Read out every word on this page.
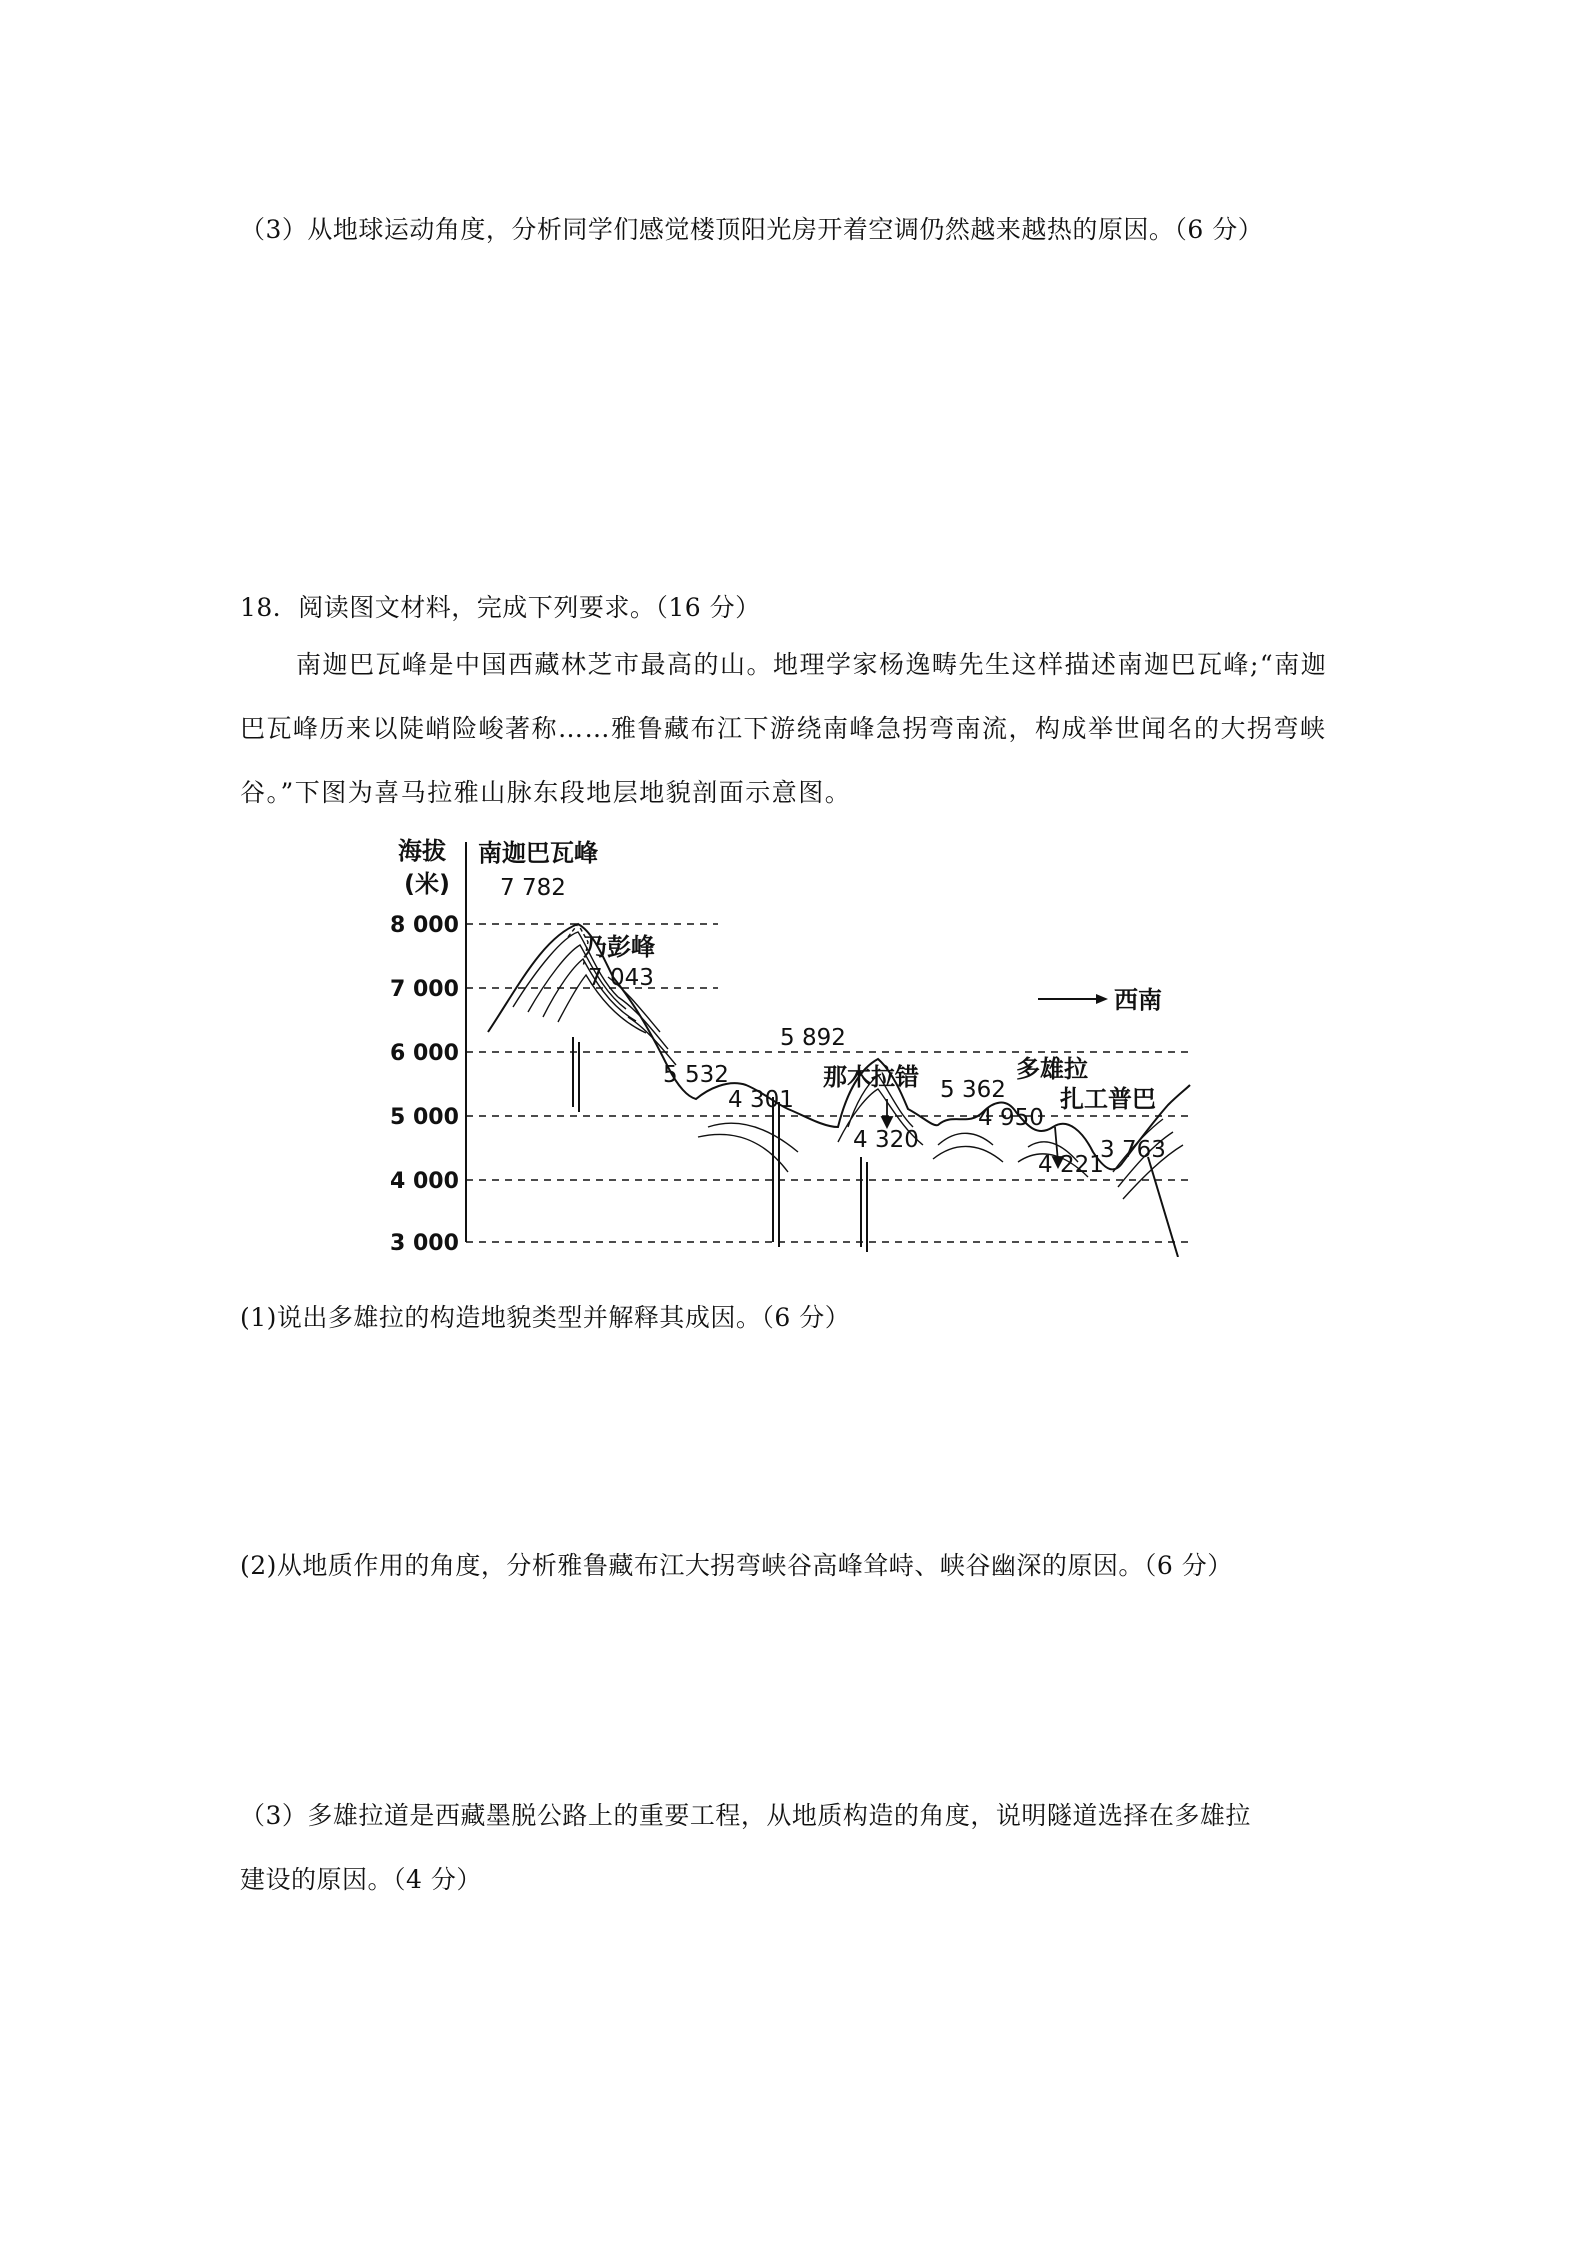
（3）从地球运动角度，分析同学们感觉楼顶阳光房开着空调仍然越来越热的原因。（6 分）
18．阅读图文材料，完成下列要求。（16 分）
南迦巴瓦峰是中国西藏林芝市最高的山。地理学家杨逸畴先生这样描述南迦巴瓦峰;“南迦巴瓦峰历来以陡峭险峻著称……雅鲁藏布江下游绕南峰急拐弯南流，构成举世闻名的大拐弯峡谷。”下图为喜马拉雅山脉东段地层地貌剖面示意图。
海拔
(米)
8 000
7 000
6 000
5 000
4 000
3 000
西南
南迦巴瓦峰
7 782
乃彭峰
7 043
5 532
4 301
5 892
那木拉错
4 320
5 362
4 950
多雄拉
4 221
扎工普巴
3 763
(1)说出多雄拉的构造地貌类型并解释其成因。（6 分）
(2)从地质作用的角度，分析雅鲁藏布江大拐弯峡谷高峰耸峙、峡谷幽深的原因。（6 分）
（3）多雄拉道是西藏墨脱公路上的重要工程，从地质构造的角度，说明隧道选择在多雄拉
建设的原因。（4 分）
